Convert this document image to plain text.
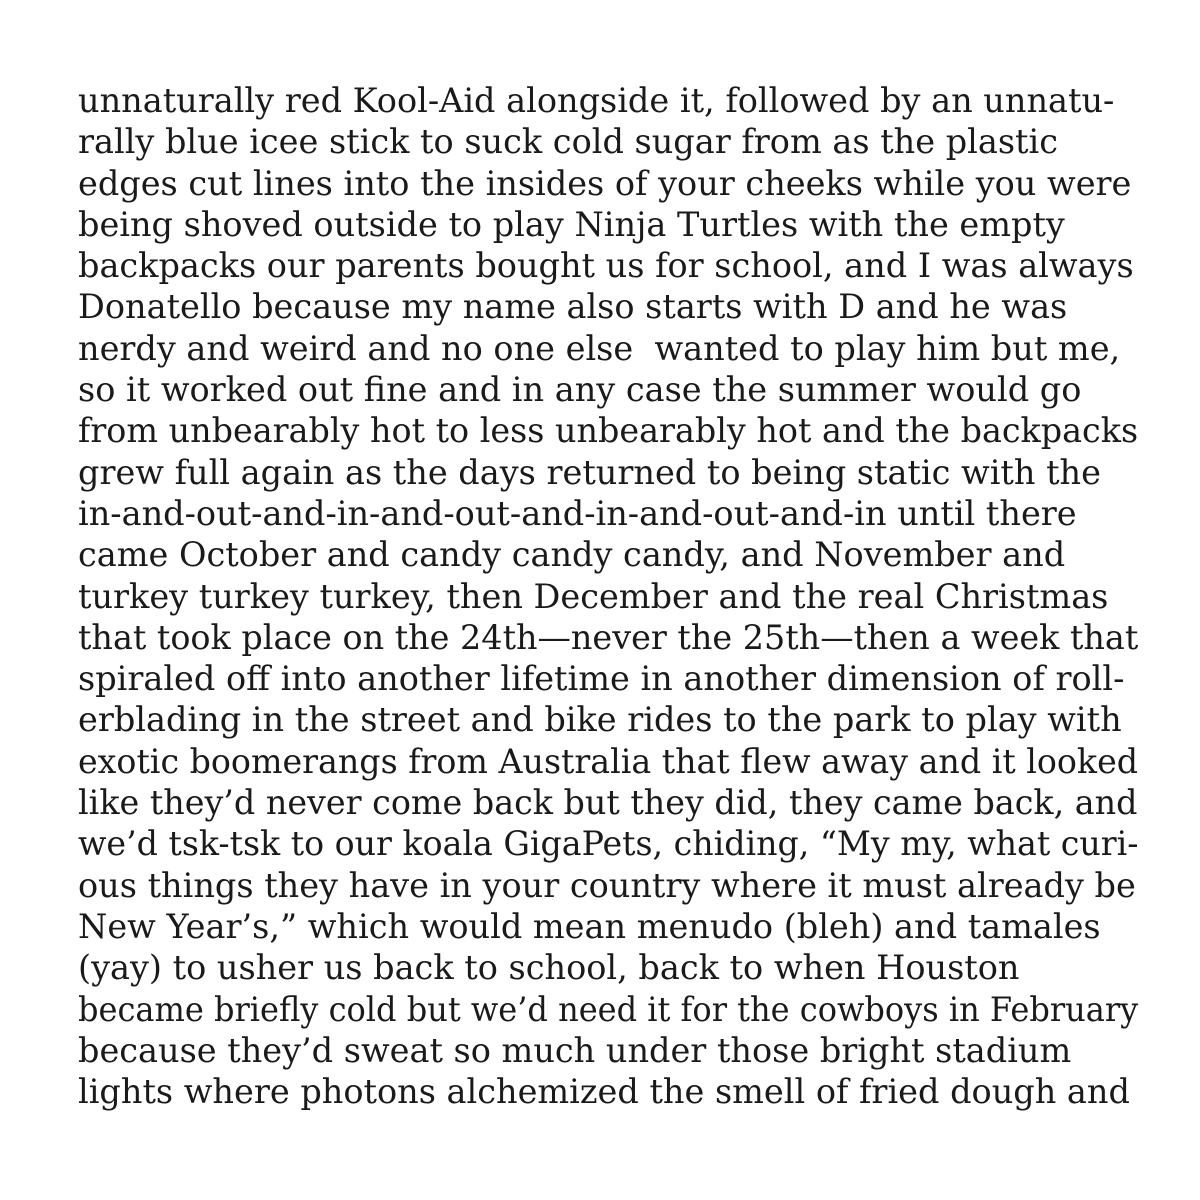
unnaturally red Kool-Aid alongside it, followed by an unnatu-
rally blue icee stick to suck cold sugar from as the plastic
edges cut lines into the insides of your cheeks while you were
being shoved outside to play Ninja Turtles with the empty
backpacks our parents bought us for school, and I was always
Donatello because my name also starts with D and he was
nerdy and weird and no one else  wanted to play him but me,
so it worked out fine and in any case the summer would go
from unbearably hot to less unbearably hot and the backpacks
grew full again as the days returned to being static with the
in-and-out-and-in-and-out-and-in-and-out-and-in until there
came October and candy candy candy, and November and
turkey turkey turkey, then December and the real Christmas
that took place on the 24th—never the 25th—then a week that
spiraled off into another lifetime in another dimension of roll-
erblading in the street and bike rides to the park to play with
exotic boomerangs from Australia that flew away and it looked
like they’d never come back but they did, they came back, and
we’d tsk-tsk to our koala GigaPets, chiding, “My my, what curi-
ous things they have in your country where it must already be
New Year’s,” which would mean menudo (bleh) and tamales
(yay) to usher us back to school, back to when Houston
became briefly cold but we’d need it for the cowboys in February
because they’d sweat so much under those bright stadium
lights where photons alchemized the smell of fried dough and
